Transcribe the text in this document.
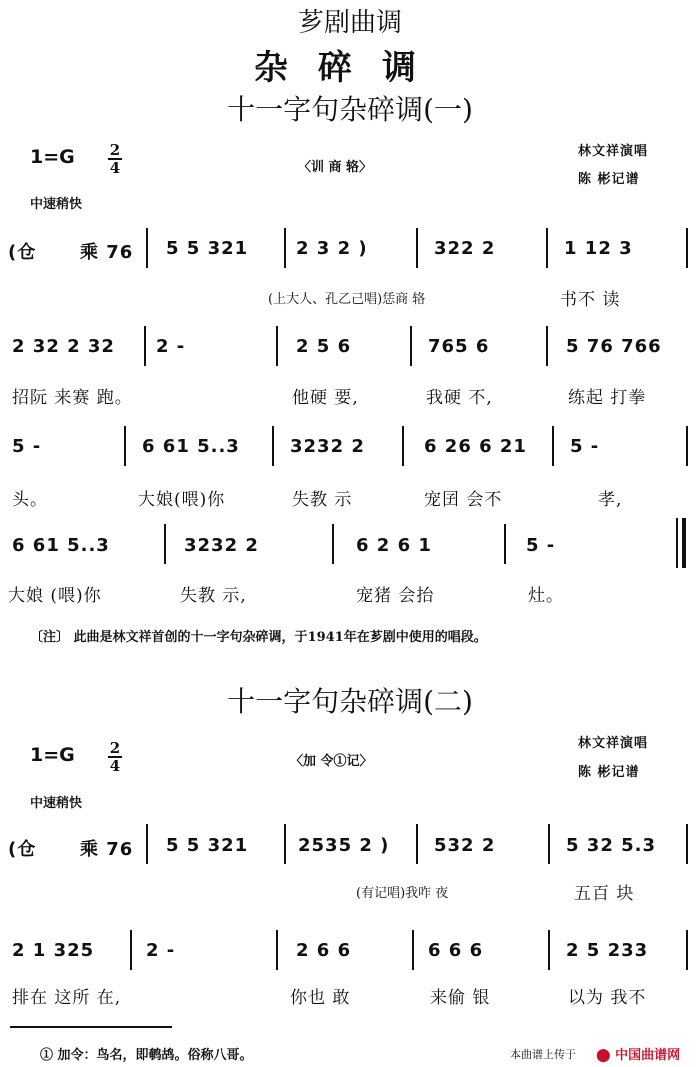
芗剧曲调
杂碎调
十一字句杂碎调(一)
1=G 2
4	〈训 商 辂〉
林文祥演唱
陈 彬记谱
中速稍快
(仓 乘 76 5 5 321	2 3 2 )	322 2	1 12 3
(上大人、孔乙己唱)恁商 辂	书不 读
2 32 2 32 2 -	2 5 6	765 6	5 76 766
招阮 来赛 跑。	他硬 要,	我硬 不,	练起 打拳
5 -	6 61 5..3	3232 2	6 26 6 21 5 -
头。	大娘(喂)你	失教 示	宠囝 会不	孝,
6 61 5..3	3232 2	6 2 6 1	5 -
大娘 (喂)你	失教 示,	宠猪 会抬	灶。
〔注〕 此曲是林文祥首创的十一字句杂碎调，于1941年在芗剧中使用的唱段。
十一字句杂碎调(二)
1=G 2
4	〈加 令①记〉
林文祥演唱
陈 彬记谱
中速稍快
(仓 乘 76 5 5 321	2535 2 ) 532 2	5 32 5.3
(有记唱)我咋 夜	五百 块
2 1 325	2 -	2 6 6	6 6 6	2 5 233
排在 这所 在,	你也 敢	来偷 银	以为 我不
① 加令：鸟名，即鹌鸪。俗称八哥。	本曲谱上传于 ⬤ 中国曲谱网
